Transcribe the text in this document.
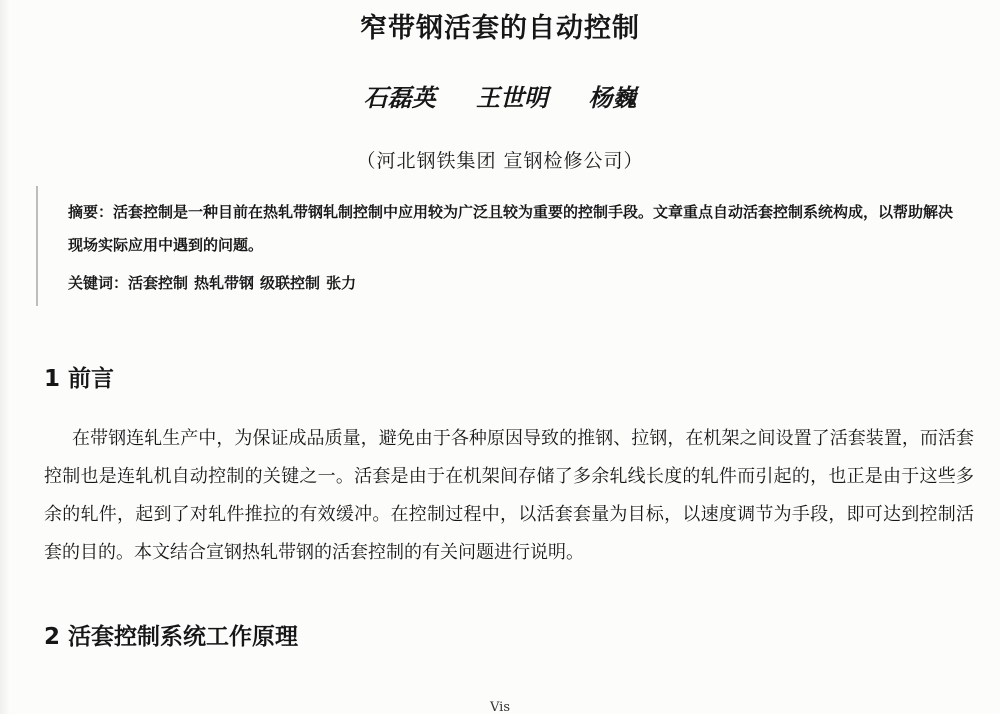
窄带钢活套的自动控制
石磊英 王世明 杨巍
（河北钢铁集团 宣钢检修公司）
摘要：活套控制是一种目前在热轧带钢轧制控制中应用较为广泛且较为重要的控制手段。文章重点自动活套控制系统构成，以帮助解决现场实际应用中遇到的问题。
关键词：活套控制 热轧带钢 级联控制 张力
1 前言
在带钢连轧生产中，为保证成品质量，避免由于各种原因导致的推钢、拉钢，在机架之间设置了活套装置，而活套控制也是连轧机自动控制的关键之一。活套是由于在机架间存储了多余轧线长度的轧件而引起的，也正是由于这些多余的轧件，起到了对轧件推拉的有效缓冲。在控制过程中，以活套套量为目标，以速度调节为手段，即可达到控制活套的目的。本文结合宣钢热轧带钢的活套控制的有关问题进行说明。
2 活套控制系统工作原理
Vis
